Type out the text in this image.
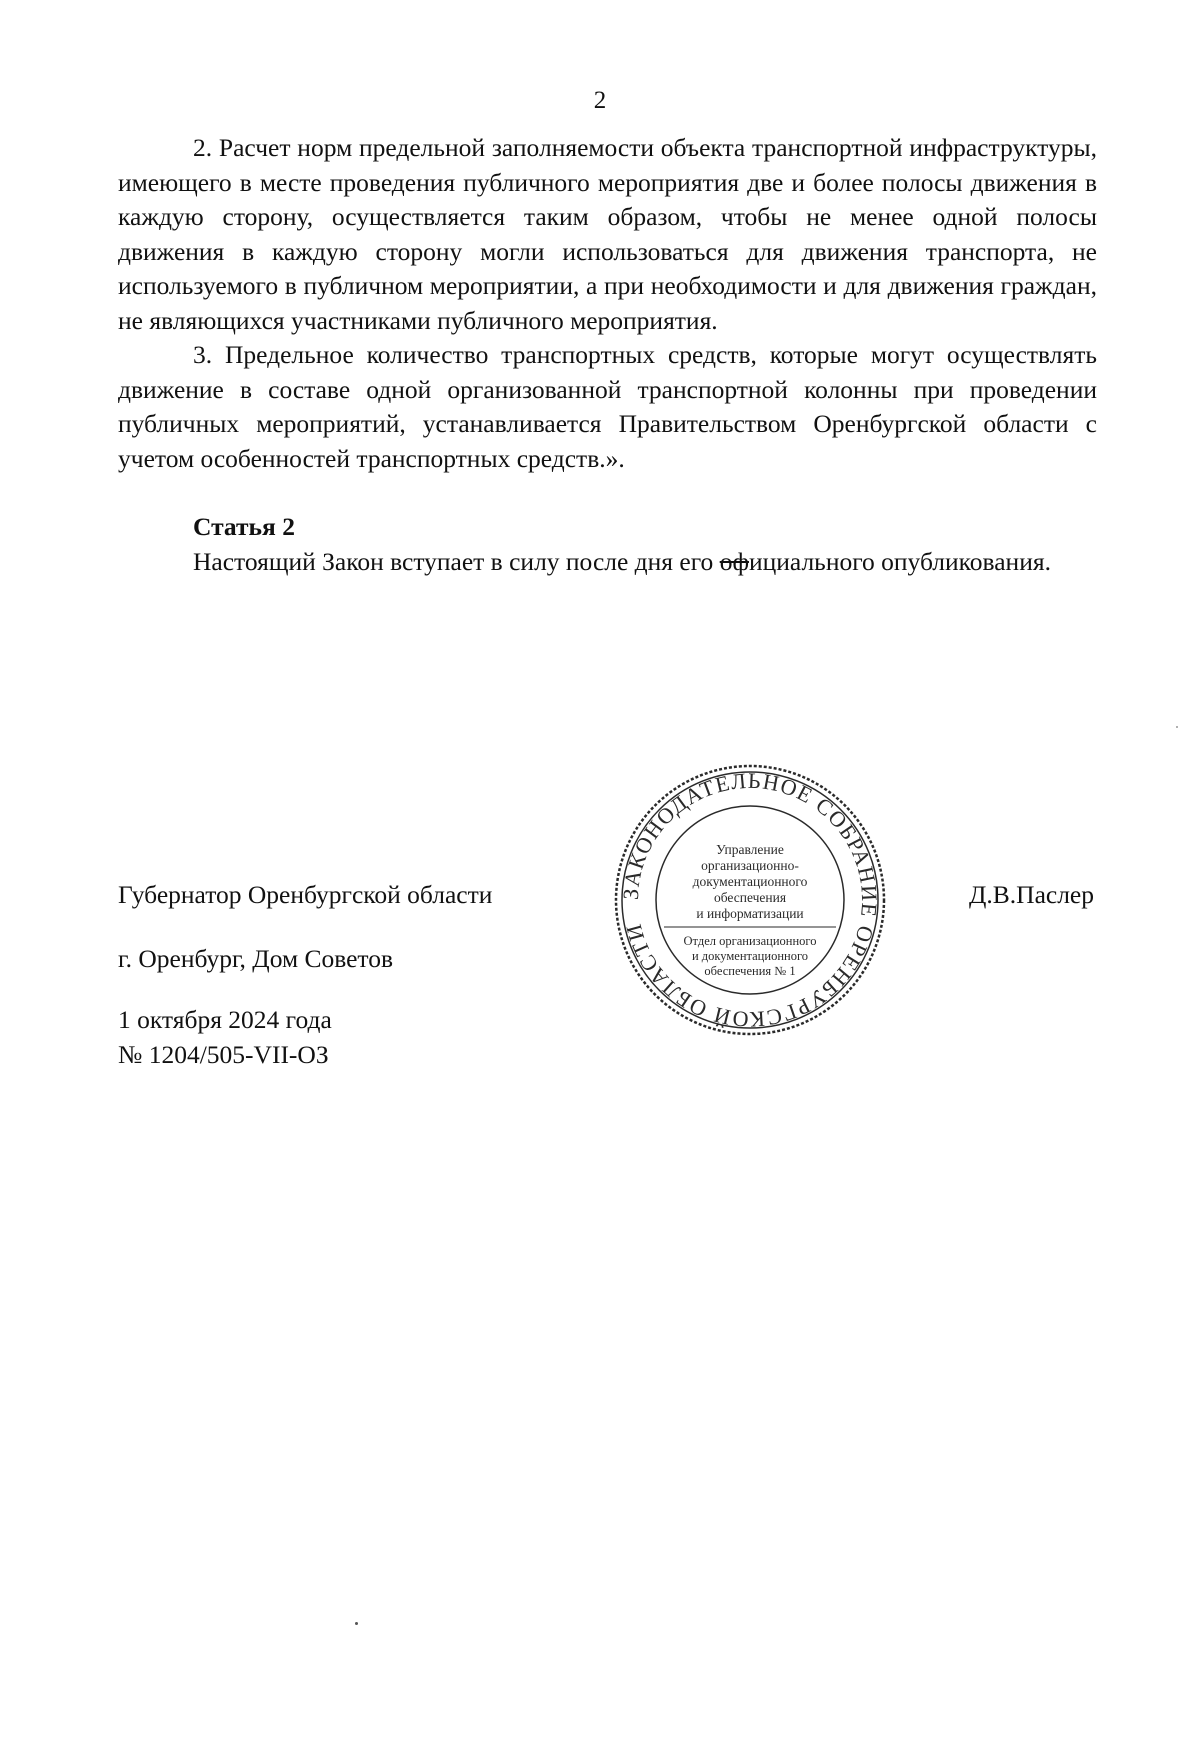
2

2. Расчет норм предельной заполняемости объекта транспортной инфраструктуры, имеющего в месте проведения публичного мероприятия две и более полосы движения в каждую сторону, осуществляется таким образом, чтобы не менее одной полосы движения в каждую сторону могли использоваться для движения транспорта, не используемого в публичном мероприятии, а при необходимости и для движения граждан, не являющихся участниками публичного мероприятия.

3. Предельное количество транспортных средств, которые могут осуществлять движение в составе одной организованной транспортной колонны при проведении публичных мероприятий, устанавливается Правительством Оренбургской области с учетом особенностей транспортных средств.».

Статья 2

Настоящий Закон вступает в силу после дня его официального опубликования.

Губернатор Оренбургской области	Д.В.Паслер
г. Оренбург, Дом Советов
1 октября 2024 года
№ 1204/505-VII-ОЗ
ЗАКОНОДАТЕЛЬНОЕ СОБРАНИЕ ОРЕНБУРГСКОЙ ОБЛАСТИ
Управление
организационно-
документационного
обеспечения
и информатизации
Отдел организационного
и документационного
обеспечения № 1
